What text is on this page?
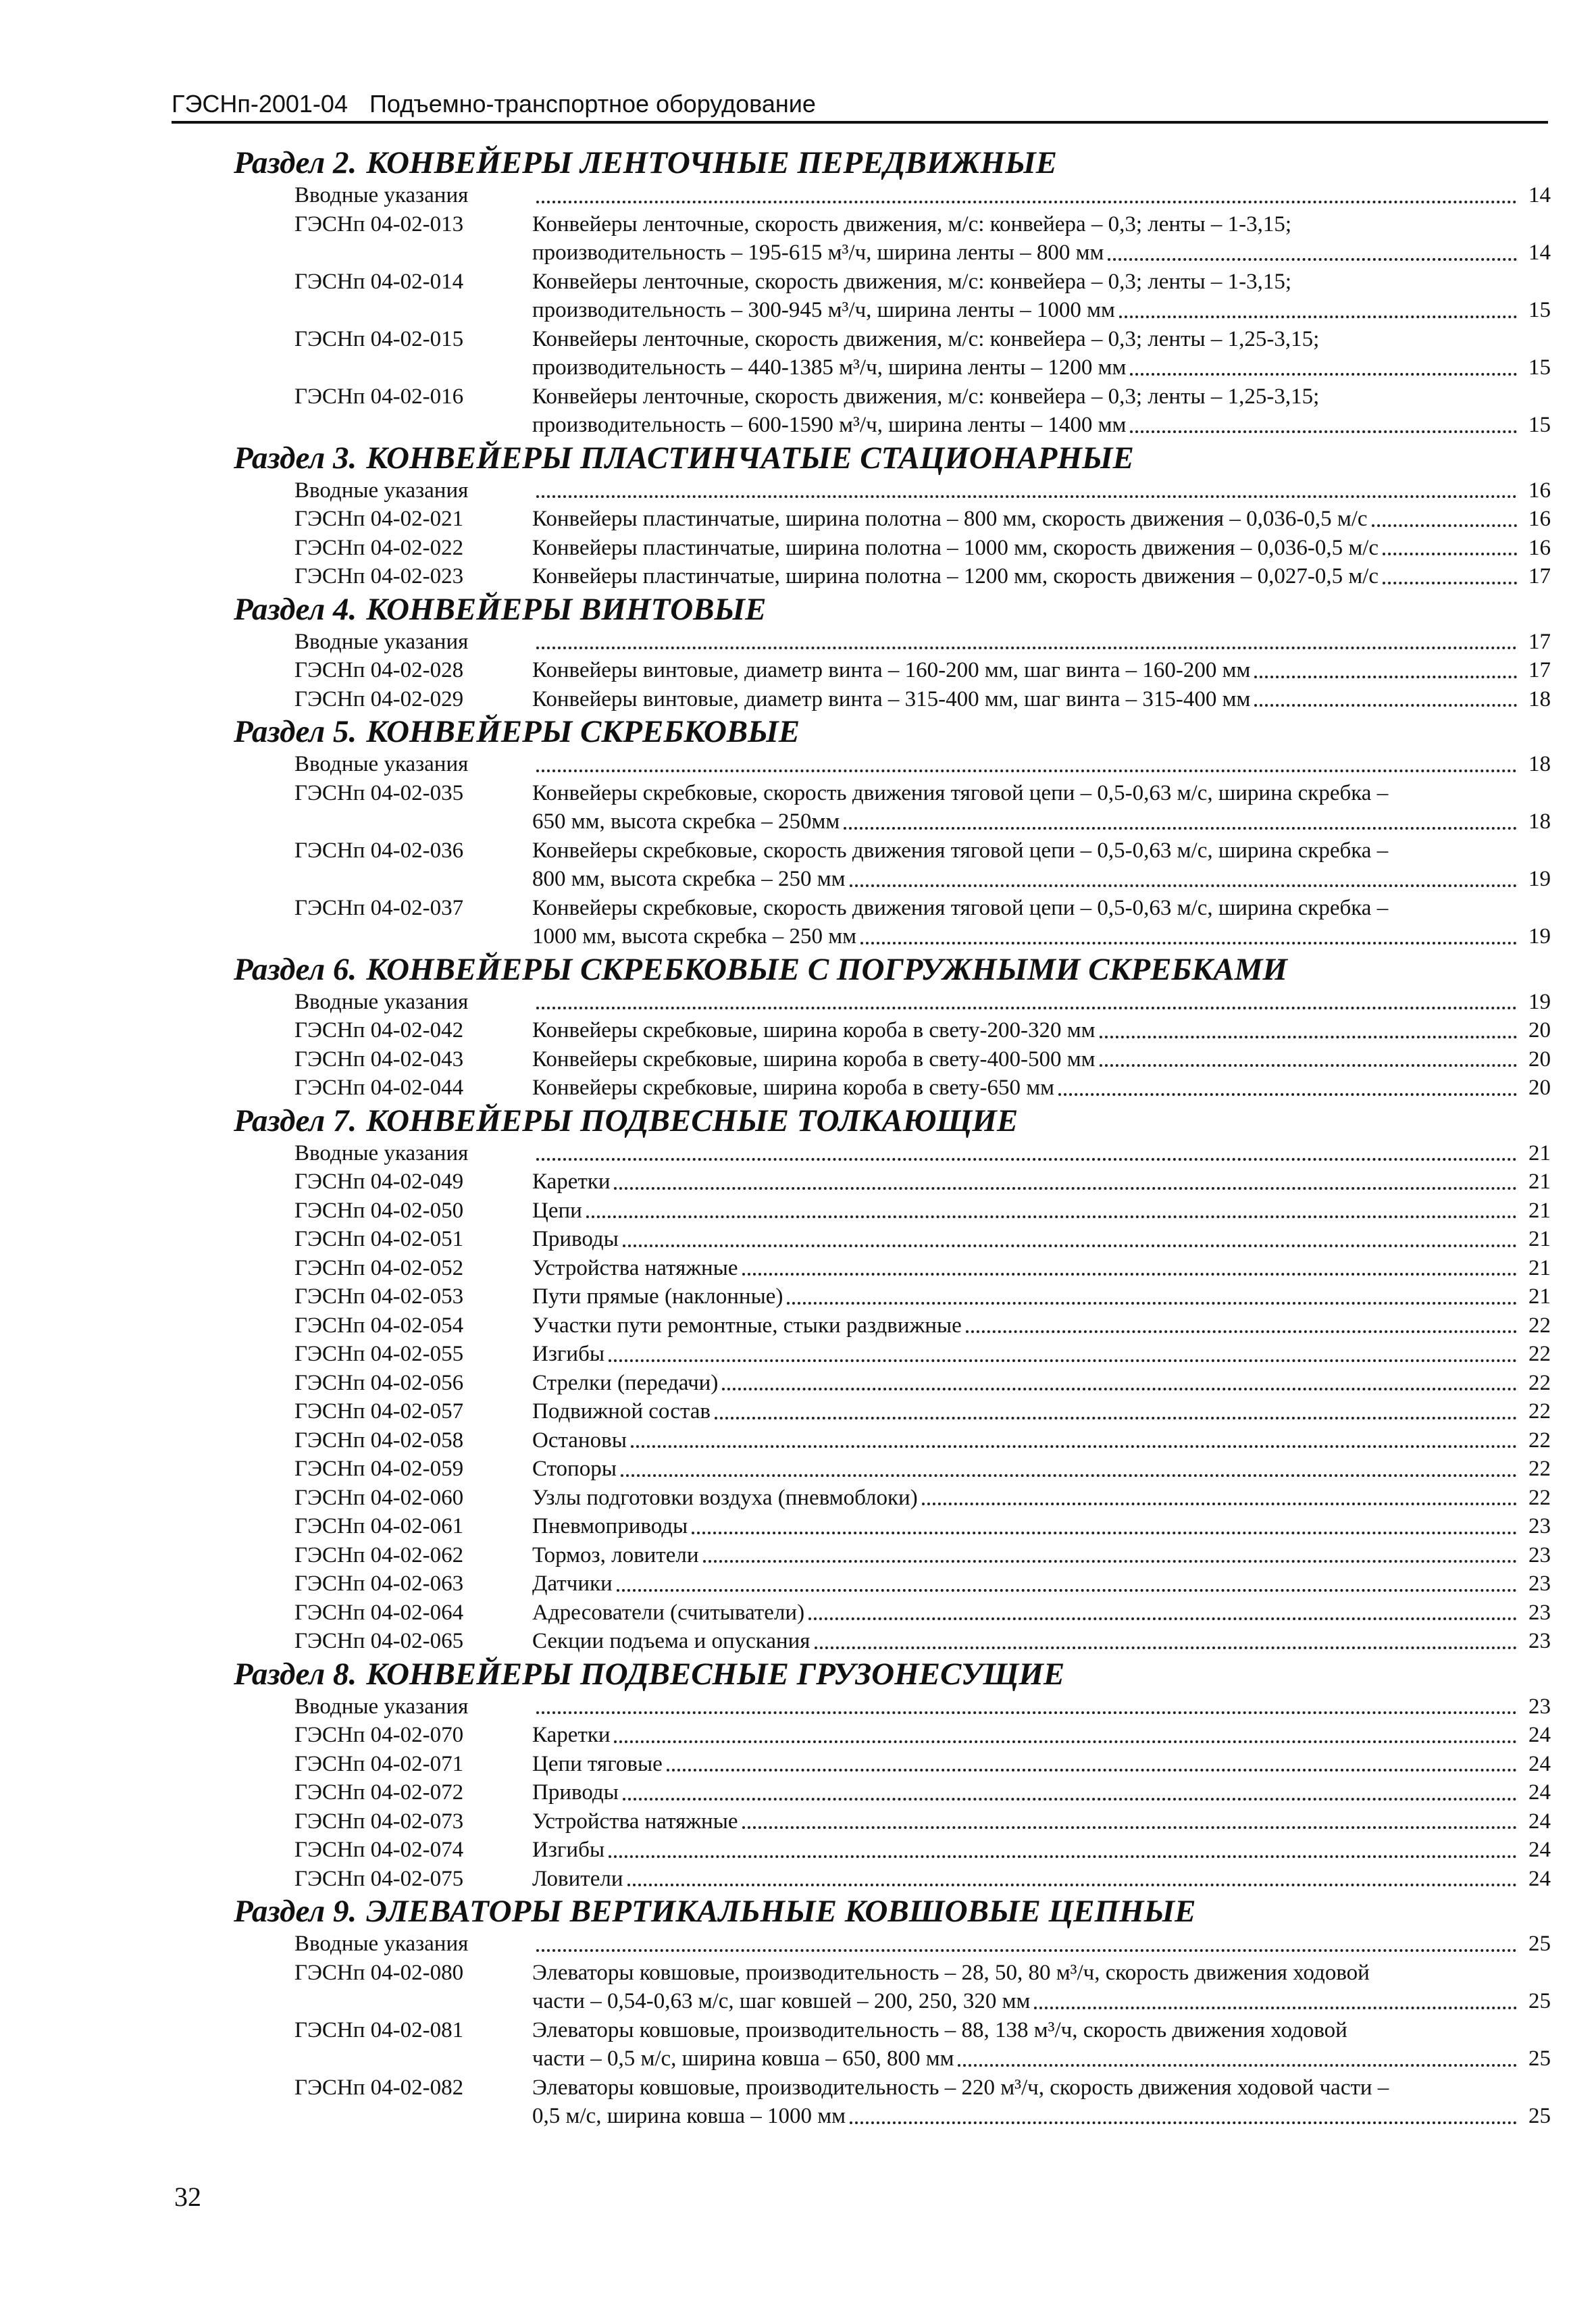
ГЭСНп-2001-04 Подъемно-транспортное оборудование
Раздел 2. КОНВЕЙЕРЫ ЛЕНТОЧНЫЕ ПЕРЕДВИЖНЫЕ
Вводные указания	14
ГЭСНп 04-02-013	Конвейеры ленточные, скорость движения, м/с: конвейера – 0,3; ленты – 1-3,15;
производительность – 195-615 м³/ч, ширина ленты – 800 мм	14
ГЭСНп 04-02-014	Конвейеры ленточные, скорость движения, м/с: конвейера – 0,3; ленты – 1-3,15;
производительность – 300-945 м³/ч, ширина ленты – 1000 мм	15
ГЭСНп 04-02-015	Конвейеры ленточные, скорость движения, м/с: конвейера – 0,3; ленты – 1,25-3,15;
производительность – 440-1385 м³/ч, ширина ленты – 1200 мм	15
ГЭСНп 04-02-016	Конвейеры ленточные, скорость движения, м/с: конвейера – 0,3; ленты – 1,25-3,15;
производительность – 600-1590 м³/ч, ширина ленты – 1400 мм	15
Раздел 3. КОНВЕЙЕРЫ ПЛАСТИНЧАТЫЕ СТАЦИОНАРНЫЕ
Вводные указания	16
ГЭСНп 04-02-021	Конвейеры пластинчатые, ширина полотна – 800 мм, скорость движения – 0,036-0,5 м/с	16
ГЭСНп 04-02-022	Конвейеры пластинчатые, ширина полотна – 1000 мм, скорость движения – 0,036-0,5 м/с	16
ГЭСНп 04-02-023	Конвейеры пластинчатые, ширина полотна – 1200 мм, скорость движения – 0,027-0,5 м/с	17
Раздел 4. КОНВЕЙЕРЫ ВИНТОВЫЕ
Вводные указания	17
ГЭСНп 04-02-028	Конвейеры винтовые, диаметр винта – 160-200 мм, шаг винта – 160-200 мм	17
ГЭСНп 04-02-029	Конвейеры винтовые, диаметр винта – 315-400 мм, шаг винта – 315-400 мм	18
Раздел 5. КОНВЕЙЕРЫ СКРЕБКОВЫЕ
Вводные указания	18
ГЭСНп 04-02-035	Конвейеры скребковые, скорость движения тяговой цепи – 0,5-0,63 м/с, ширина скребка –
650 мм, высота скребка – 250мм	18
ГЭСНп 04-02-036	Конвейеры скребковые, скорость движения тяговой цепи – 0,5-0,63 м/с, ширина скребка –
800 мм, высота скребка – 250 мм	19
ГЭСНп 04-02-037	Конвейеры скребковые, скорость движения тяговой цепи – 0,5-0,63 м/с, ширина скребка –
1000 мм, высота скребка – 250 мм	19
Раздел 6. КОНВЕЙЕРЫ СКРЕБКОВЫЕ С ПОГРУЖНЫМИ СКРЕБКАМИ
Вводные указания	19
ГЭСНп 04-02-042	Конвейеры скребковые, ширина короба в свету-200-320 мм	20
ГЭСНп 04-02-043	Конвейеры скребковые, ширина короба в свету-400-500 мм	20
ГЭСНп 04-02-044	Конвейеры скребковые, ширина короба в свету-650 мм	20
Раздел 7. КОНВЕЙЕРЫ ПОДВЕСНЫЕ ТОЛКАЮЩИЕ
Вводные указания	21
ГЭСНп 04-02-049	Каретки	21
ГЭСНп 04-02-050	Цепи	21
ГЭСНп 04-02-051	Приводы	21
ГЭСНп 04-02-052	Устройства натяжные	21
ГЭСНп 04-02-053	Пути прямые (наклонные)	21
ГЭСНп 04-02-054	Участки пути ремонтные, стыки раздвижные	22
ГЭСНп 04-02-055	Изгибы	22
ГЭСНп 04-02-056	Стрелки (передачи)	22
ГЭСНп 04-02-057	Подвижной состав	22
ГЭСНп 04-02-058	Остановы	22
ГЭСНп 04-02-059	Стопоры	22
ГЭСНп 04-02-060	Узлы подготовки воздуха (пневмоблоки)	22
ГЭСНп 04-02-061	Пневмоприводы	23
ГЭСНп 04-02-062	Тормоз, ловители	23
ГЭСНп 04-02-063	Датчики	23
ГЭСНп 04-02-064	Адресователи (считыватели)	23
ГЭСНп 04-02-065	Секции подъема и опускания	23
Раздел 8. КОНВЕЙЕРЫ ПОДВЕСНЫЕ ГРУЗОНЕСУЩИЕ
Вводные указания	23
ГЭСНп 04-02-070	Каретки	24
ГЭСНп 04-02-071	Цепи тяговые	24
ГЭСНп 04-02-072	Приводы	24
ГЭСНп 04-02-073	Устройства натяжные	24
ГЭСНп 04-02-074	Изгибы	24
ГЭСНп 04-02-075	Ловители	24
Раздел 9. ЭЛЕВАТОРЫ ВЕРТИКАЛЬНЫЕ КОВШОВЫЕ ЦЕПНЫЕ
Вводные указания	25
ГЭСНп 04-02-080	Элеваторы ковшовые, производительность – 28, 50, 80 м³/ч, скорость движения ходовой
части – 0,54-0,63 м/с, шаг ковшей – 200, 250, 320 мм	25
ГЭСНп 04-02-081	Элеваторы ковшовые, производительность – 88, 138 м³/ч, скорость движения ходовой
части – 0,5 м/с, ширина ковша – 650, 800 мм	25
ГЭСНп 04-02-082	Элеваторы ковшовые, производительность – 220 м³/ч, скорость движения ходовой части –
0,5 м/с, ширина ковша – 1000 мм	25
32
